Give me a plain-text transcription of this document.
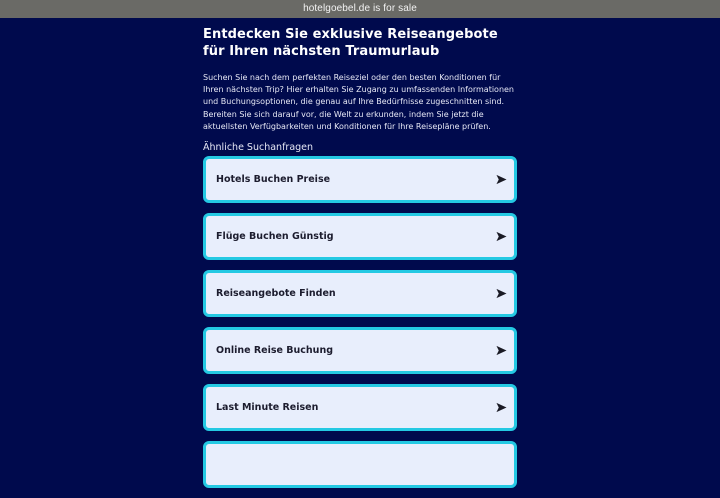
hotelgoebel.de is for sale
Entdecken Sie exklusive Reiseangebote für Ihren nächsten Traumurlaub

Suchen Sie nach dem perfekten Reiseziel oder den besten Konditionen für Ihren nächsten Trip? Hier erhalten Sie Zugang zu umfassenden Informationen und Buchungsoptionen, die genau auf Ihre Bedürfnisse zugeschnitten sind. Bereiten Sie sich darauf vor, die Welt zu erkunden, indem Sie jetzt die aktuellsten Verfügbarkeiten und Konditionen für Ihre Reisepläne prüfen.

Ähnliche Suchanfragen
Hotels Buchen Preise
Flüge Buchen Günstig
Reiseangebote Finden
Online Reise Buchung
Last Minute Reisen
